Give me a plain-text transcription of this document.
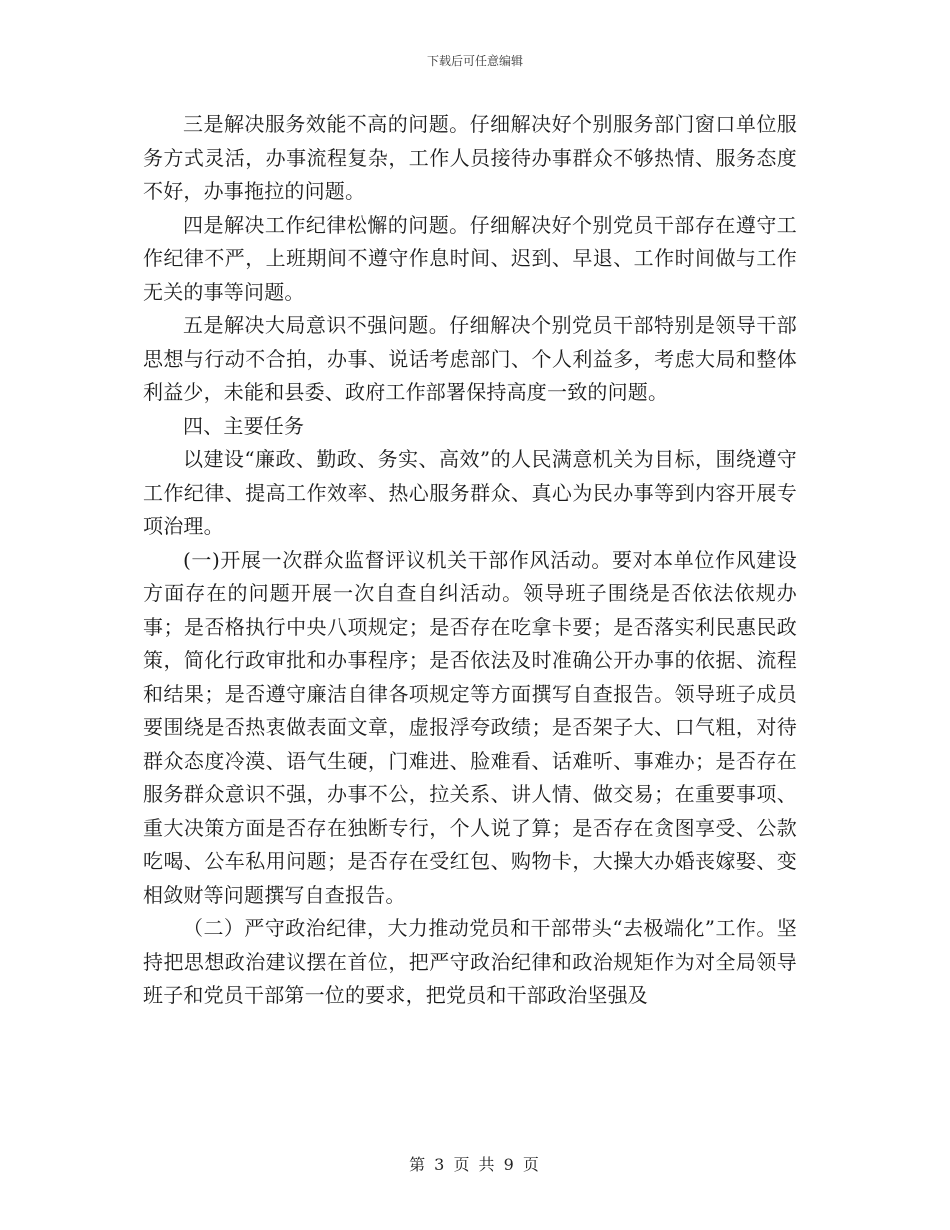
下载后可任意编辑

三是解决服务效能不高的问题。仔细解决好个别服务部门窗口单位服务方式灵活，办事流程复杂，工作人员接待办事群众不够热情、服务态度不好，办事拖拉的问题。

四是解决工作纪律松懈的问题。仔细解决好个别党员干部存在遵守工作纪律不严，上班期间不遵守作息时间、迟到、早退、工作时间做与工作无关的事等问题。

五是解决大局意识不强问题。仔细解决个别党员干部特别是领导干部思想与行动不合拍，办事、说话考虑部门、个人利益多，考虑大局和整体利益少，未能和县委、政府工作部署保持高度一致的问题。

四、主要任务

以建设“廉政、勤政、务实、高效”的人民满意机关为目标，围绕遵守工作纪律、提高工作效率、热心服务群众、真心为民办事等到内容开展专项治理。

(一)开展一次群众监督评议机关干部作风活动。要对本单位作风建设方面存在的问题开展一次自查自纠活动。领导班子围绕是否依法依规办事；是否格执行中央八项规定；是否存在吃拿卡要；是否落实利民惠民政策，简化行政审批和办事程序；是否依法及时准确公开办事的依据、流程和结果；是否遵守廉洁自律各项规定等方面撰写自查报告。领导班子成员要围绕是否热衷做表面文章，虚报浮夸政绩；是否架子大、口气粗，对待群众态度冷漠、语气生硬，门难进、脸难看、话难听、事难办；是否存在服务群众意识不强，办事不公，拉关系、讲人情、做交易；在重要事项、重大决策方面是否存在独断专行，个人说了算；是否存在贪图享受、公款吃喝、公车私用问题；是否存在受红包、购物卡，大操大办婚丧嫁娶、变相敛财等问题撰写自查报告。

（二）严守政治纪律，大力推动党员和干部带头“去极端化”工作。坚持把思想政治建议摆在首位，把严守政治纪律和政治规矩作为对全局领导班子和党员干部第一位的要求，把党员和干部政治坚强及

第 3 页 共 9 页
